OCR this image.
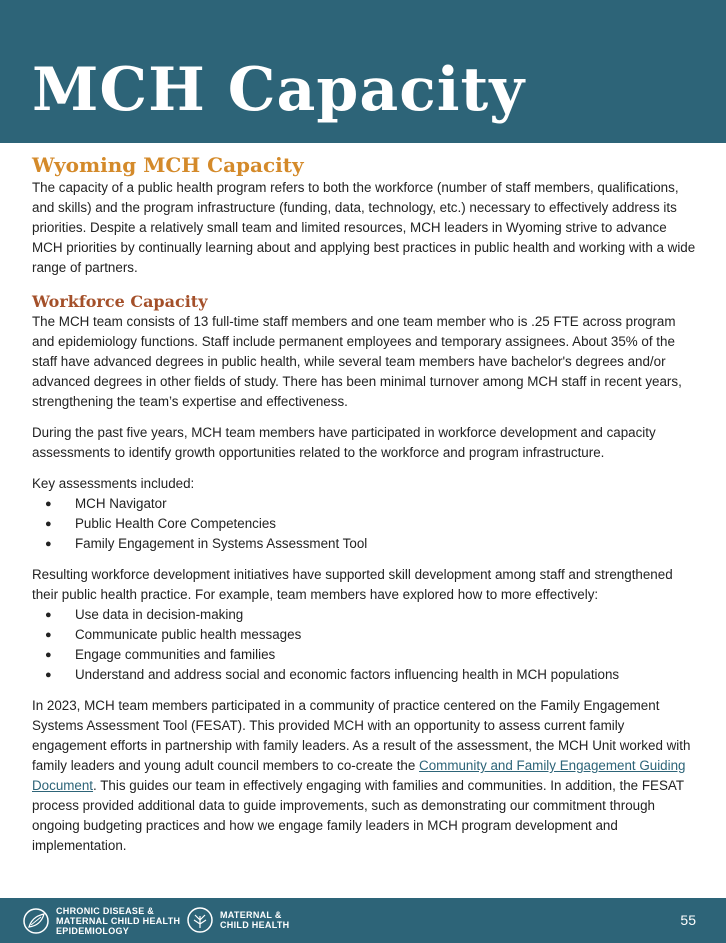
MCH Capacity
Wyoming MCH Capacity

The capacity of a public health program refers to both the workforce (number of staff members, qualifications, and skills) and the program infrastructure (funding, data, technology, etc.) necessary to effectively address its priorities. Despite a relatively small team and limited resources, MCH leaders in Wyoming strive to advance MCH priorities by continually learning about and applying best practices in public health and working with a wide range of partners.

Workforce Capacity

The MCH team consists of 13 full-time staff members and one team member who is .25 FTE across program and epidemiology functions. Staff include permanent employees and temporary assignees. About 35% of the staff have advanced degrees in public health, while several team members have bachelor's degrees and/or advanced degrees in other fields of study. There has been minimal turnover among MCH staff in recent years, strengthening the team’s expertise and effectiveness.

During the past five years, MCH team members have participated in workforce development and capacity assessments to identify growth opportunities related to the workforce and program infrastructure.

Key assessments included:

● MCH Navigator
● Public Health Core Competencies
● Family Engagement in Systems Assessment Tool

Resulting workforce development initiatives have supported skill development among staff and strengthened their public health practice. For example, team members have explored how to more effectively:

● Use data in decision-making
● Communicate public health messages
● Engage communities and families
● Understand and address social and economic factors influencing health in MCH populations

In 2023, MCH team members participated in a community of practice centered on the Family Engagement Systems Assessment Tool (FESAT). This provided MCH with an opportunity to assess current family engagement efforts in partnership with family leaders. As a result of the assessment, the MCH Unit worked with family leaders and young adult council members to co-create the Community and Family Engagement Guiding Document. This guides our team in effectively engaging with families and communities. In addition, the FESAT process provided additional data to guide improvements, such as demonstrating our commitment through ongoing budgeting practices and how we engage family leaders in MCH program development and implementation.

CHRONIC DISEASE &
MATERNAL CHILD HEALTH
EPIDEMIOLOGY
MATERNAL &
CHILD HEALTH	55
